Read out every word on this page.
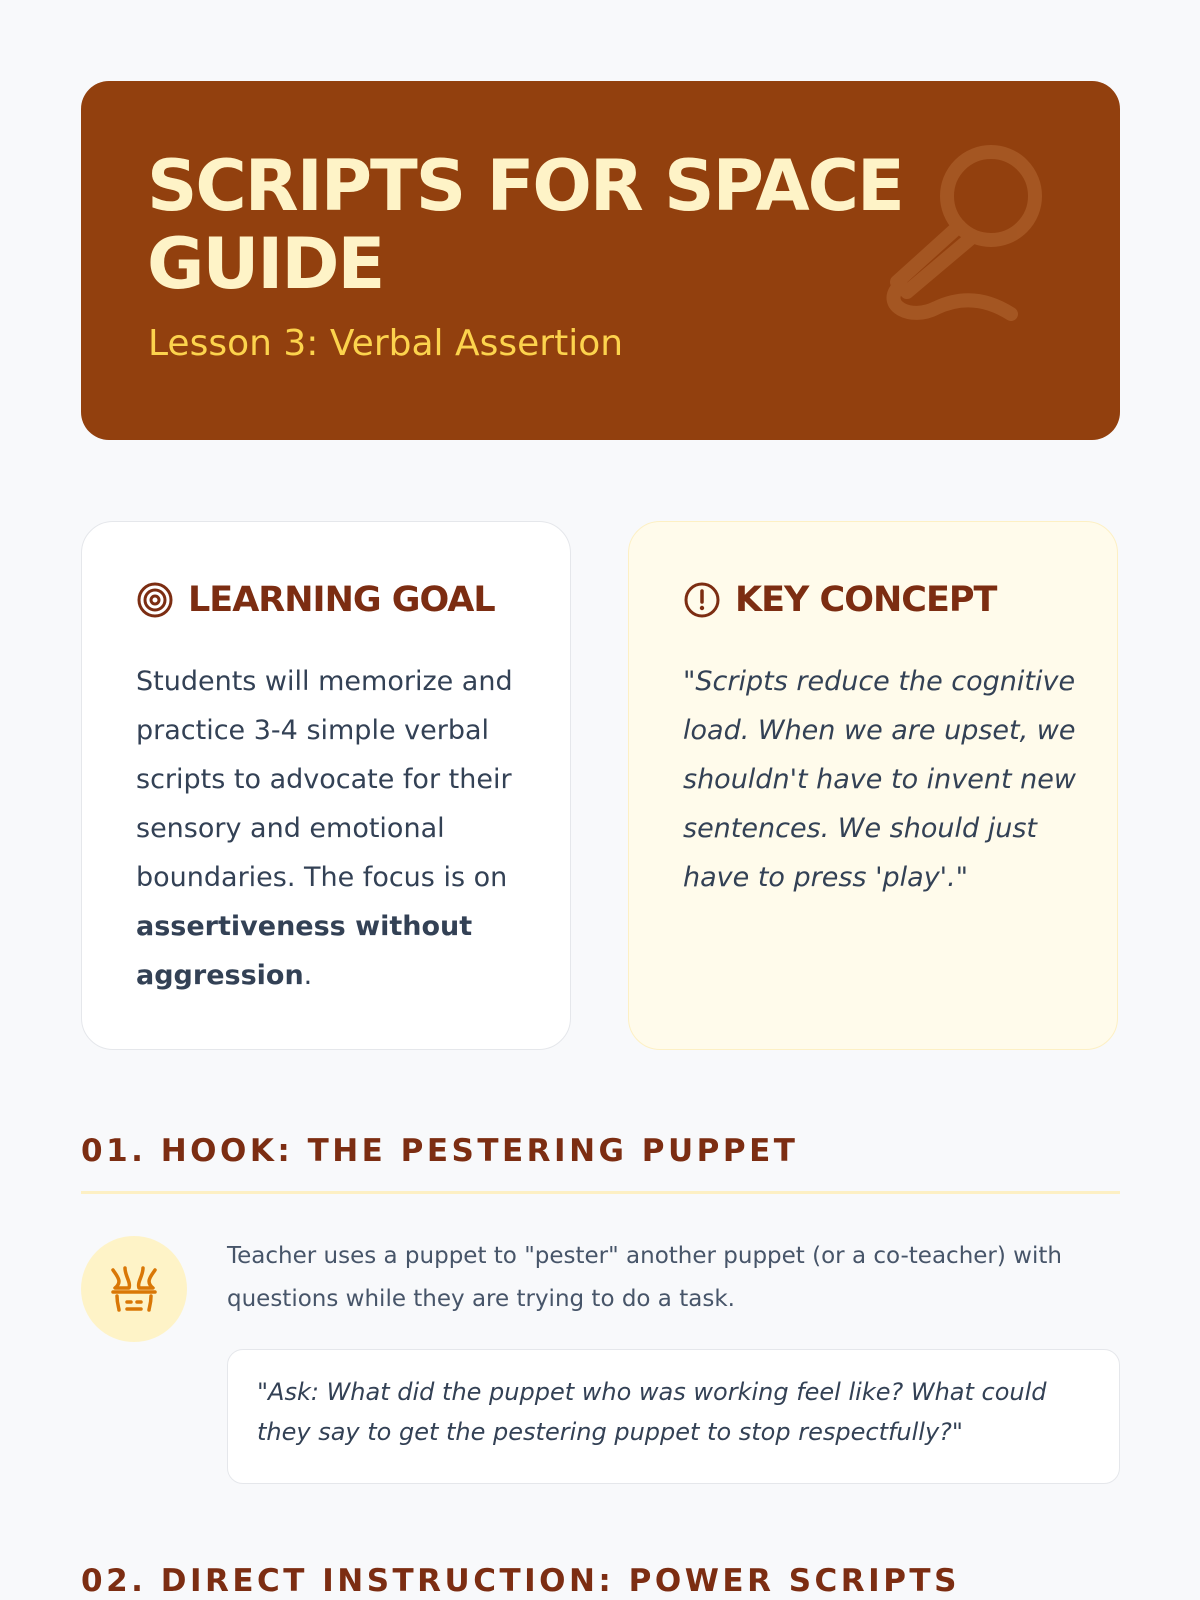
SCRIPTS FOR SPACE GUIDE

Lesson 3: Verbal Assertion

LEARNING GOAL

Students will memorize and practice 3-4 simple verbal scripts to advocate for their sensory and emotional boundaries. The focus is on assertiveness without aggression.

KEY CONCEPT

"Scripts reduce the cognitive load. When we are upset, we shouldn't have to invent new sentences. We should just have to press 'play'."

01. HOOK: THE PESTERING PUPPET

Teacher uses a puppet to "pester" another puppet (or a co-teacher) with questions while they are trying to do a task.

"Ask: What did the puppet who was working feel like? What could they say to get the pestering puppet to stop respectfully?"

02. DIRECT INSTRUCTION: POWER SCRIPTS
